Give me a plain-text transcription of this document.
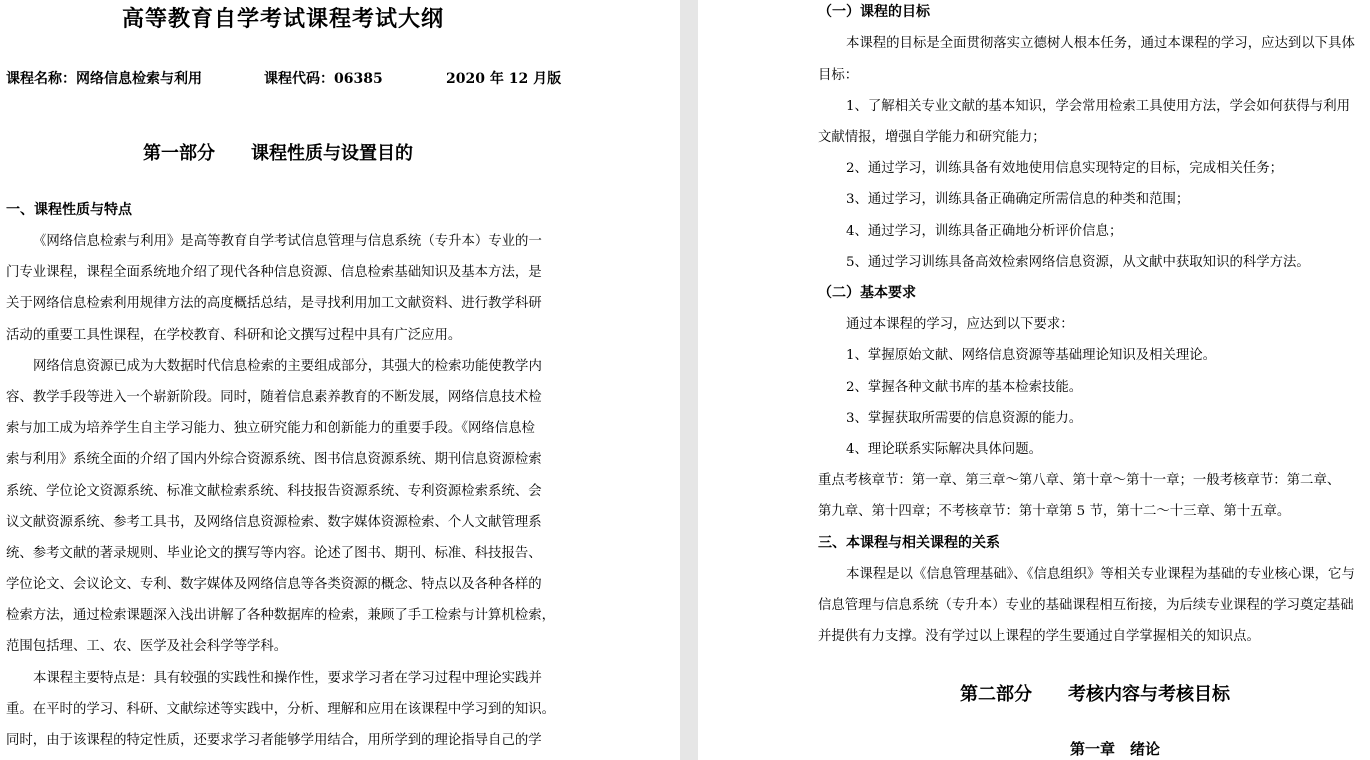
高等教育自学考试课程考试大纲
课程名称：网络信息检索与利用	课程代码：06385	2020 年 12 月版
第一部分　　课程性质与设置目的
一、课程性质与特点
《网络信息检索与利用》是高等教育自学考试信息管理与信息系统（专升本）专业的一
门专业课程，课程全面系统地介绍了现代各种信息资源、信息检索基础知识及基本方法，是
关于网络信息检索利用规律方法的高度概括总结，是寻找利用加工文献资料、进行教学科研
活动的重要工具性课程，在学校教育、科研和论文撰写过程中具有广泛应用。
网络信息资源已成为大数据时代信息检索的主要组成部分，其强大的检索功能使教学内
容、教学手段等进入一个崭新阶段。同时，随着信息素养教育的不断发展，网络信息技术检
索与加工成为培养学生自主学习能力、独立研究能力和创新能力的重要手段。《网络信息检
索与利用》系统全面的介绍了国内外综合资源系统、图书信息资源系统、期刊信息资源检索
系统、学位论文资源系统、标准文献检索系统、科技报告资源系统、专利资源检索系统、会
议文献资源系统、参考工具书，及网络信息资源检索、数字媒体资源检索、个人文献管理系
统、参考文献的著录规则、毕业论文的撰写等内容。论述了图书、期刊、标准、科技报告、
学位论文、会议论文、专利、数字媒体及网络信息等各类资源的概念、特点以及各种各样的
检索方法，通过检索课题深入浅出讲解了各种数据库的检索，兼顾了手工检索与计算机检索，
范围包括理、工、农、医学及社会科学等学科。
本课程主要特点是：具有较强的实践性和操作性，要求学习者在学习过程中理论实践并
重。在平时的学习、科研、文献综述等实践中，分析、理解和应用在该课程中学习到的知识。
同时，由于该课程的特定性质，还要求学习者能够学用结合，用所学到的理论指导自己的学
（一）课程的目标
本课程的目标是全面贯彻落实立德树人根本任务，通过本课程的学习，应达到以下具体
目标：
1、了解相关专业文献的基本知识，学会常用检索工具使用方法，学会如何获得与利用
文献情报，增强自学能力和研究能力；
2、通过学习，训练具备有效地使用信息实现特定的目标，完成相关任务；
3、通过学习，训练具备正确确定所需信息的种类和范围；
4、通过学习，训练具备正确地分析评价信息；
5、通过学习训练具备高效检索网络信息资源，从文献中获取知识的科学方法。
（二）基本要求
通过本课程的学习，应达到以下要求：
1、掌握原始文献、网络信息资源等基础理论知识及相关理论。
2、掌握各种文献书库的基本检索技能。
3、掌握获取所需要的信息资源的能力。
4、理论联系实际解决具体问题。
重点考核章节：第一章、第三章～第八章、第十章～第十一章；一般考核章节：第二章、
第九章、第十四章；不考核章节：第十章第 5 节，第十二～十三章、第十五章。
三、本课程与相关课程的关系
本课程是以《信息管理基础》、《信息组织》等相关专业课程为基础的专业核心课，它与
信息管理与信息系统（专升本）专业的基础课程相互衔接，为后续专业课程的学习奠定基础
并提供有力支撑。没有学过以上课程的学生要通过自学掌握相关的知识点。
第二部分　　考核内容与考核目标
第一章　绪论
